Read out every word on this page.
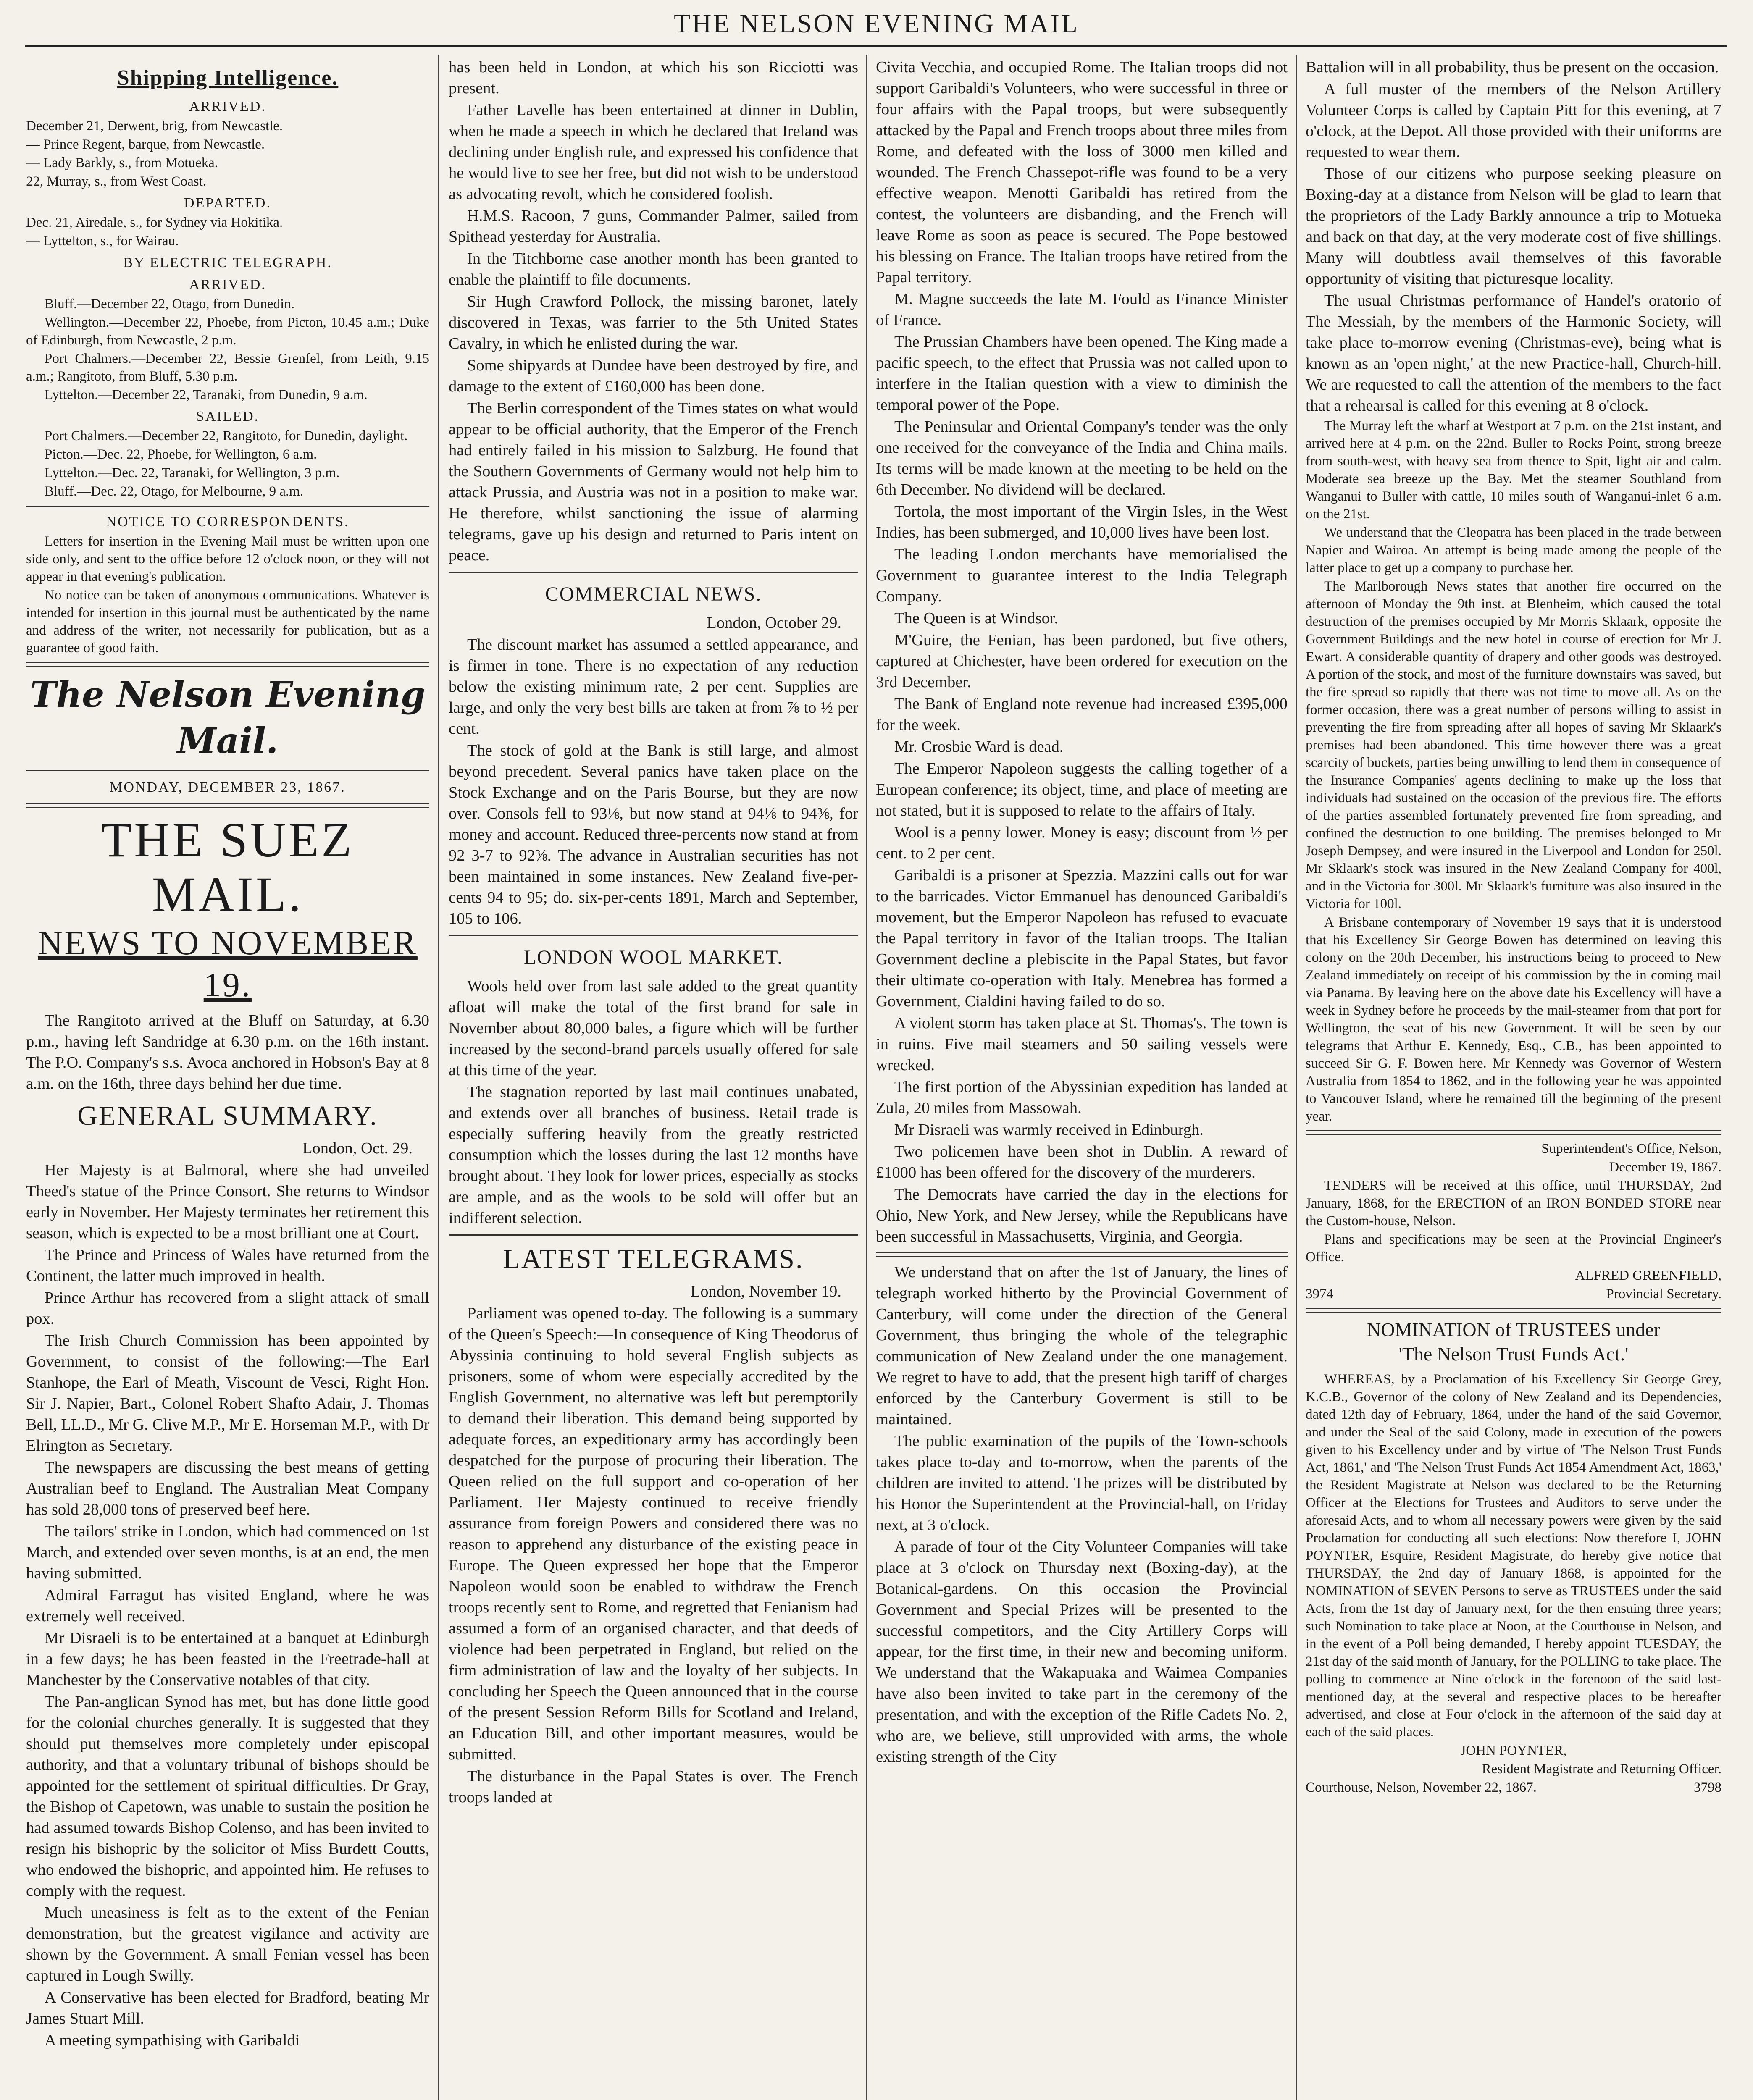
THE NELSON EVENING MAIL
Shipping Intelligence.
ARRIVED.

December 21, Derwent, brig, from Newcastle.

— Prince Regent, barque, from Newcastle.

— Lady Barkly, s., from Motueka.

22, Murray, s., from West Coast.

DEPARTED.

Dec. 21, Airedale, s., for Sydney via Hokitika.

— Lyttelton, s., for Wairau.

BY ELECTRIC TELEGRAPH.
ARRIVED.

Bluff.—December 22, Otago, from Dunedin.

Wellington.—December 22, Phoebe, from Picton, 10.45 a.m.; Duke of Edinburgh, from Newcastle, 2 p.m.

Port Chalmers.—December 22, Bessie Grenfel, from Leith, 9.15 a.m.; Rangitoto, from Bluff, 5.30 p.m.

Lyttelton.—December 22, Taranaki, from Dunedin, 9 a.m.

SAILED.

Port Chalmers.—December 22, Rangitoto, for Dunedin, daylight.

Picton.—Dec. 22, Phoebe, for Wellington, 6 a.m.

Lyttelton.—Dec. 22, Taranaki, for Wellington, 3 p.m.

Bluff.—Dec. 22, Otago, for Melbourne, 9 a.m.

NOTICE TO CORRESPONDENTS.

Letters for insertion in the Evening Mail must be written upon one side only, and sent to the office before 12 o'clock noon, or they will not appear in that evening's publication.

No notice can be taken of anonymous communications. Whatever is intended for insertion in this journal must be authenticated by the name and address of the writer, not necessarily for publication, but as a guarantee of good faith.

The Nelson Evening Mail.
MONDAY, DECEMBER 23, 1867.
THE SUEZ MAIL.
NEWS TO NOVEMBER 19.

The Rangitoto arrived at the Bluff on Saturday, at 6.30 p.m., having left Sandridge at 6.30 p.m. on the 16th instant. The P.O. Company's s.s. Avoca anchored in Hobson's Bay at 8 a.m. on the 16th, three days behind her due time.

GENERAL SUMMARY.

London, Oct. 29.

Her Majesty is at Balmoral, where she had unveiled Theed's statue of the Prince Consort. She returns to Windsor early in November. Her Majesty terminates her retirement this season, which is expected to be a most brilliant one at Court.

The Prince and Princess of Wales have returned from the Continent, the latter much improved in health.

Prince Arthur has recovered from a slight attack of small pox.

The Irish Church Commission has been appointed by Government, to consist of the following:—The Earl Stanhope, the Earl of Meath, Viscount de Vesci, Right Hon. Sir J. Napier, Bart., Colonel Robert Shafto Adair, J. Thomas Bell, LL.D., Mr G. Clive M.P., Mr E. Horseman M.P., with Dr Elrington as Secretary.

The newspapers are discussing the best means of getting Australian beef to England. The Australian Meat Company has sold 28,000 tons of preserved beef here.

The tailors' strike in London, which had commenced on 1st March, and extended over seven months, is at an end, the men having submitted.

Admiral Farragut has visited England, where he was extremely well received.

Mr Disraeli is to be entertained at a banquet at Edinburgh in a few days; he has been feasted in the Freetrade-hall at Manchester by the Conservative notables of that city.

The Pan-anglican Synod has met, but has done little good for the colonial churches generally. It is suggested that they should put themselves more completely under episcopal authority, and that a voluntary tribunal of bishops should be appointed for the settlement of spiritual difficulties. Dr Gray, the Bishop of Capetown, was unable to sustain the position he had assumed towards Bishop Colenso, and has been invited to resign his bishopric by the solicitor of Miss Burdett Coutts, who endowed the bishopric, and appointed him. He refuses to comply with the request.

Much uneasiness is felt as to the extent of the Fenian demonstration, but the greatest vigilance and activity are shown by the Government. A small Fenian vessel has been captured in Lough Swilly.

A Conservative has been elected for Bradford, beating Mr James Stuart Mill.

A meeting sympathising with Garibaldi

has been held in London, at which his son Ricciotti was present.

Father Lavelle has been entertained at dinner in Dublin, when he made a speech in which he declared that Ireland was declining under English rule, and expressed his confidence that he would live to see her free, but did not wish to be understood as advocating revolt, which he considered foolish.

H.M.S. Racoon, 7 guns, Commander Palmer, sailed from Spithead yesterday for Australia.

In the Titchborne case another month has been granted to enable the plaintiff to file documents.

Sir Hugh Crawford Pollock, the missing baronet, lately discovered in Texas, was farrier to the 5th United States Cavalry, in which he enlisted during the war.

Some shipyards at Dundee have been destroyed by fire, and damage to the extent of £160,000 has been done.

The Berlin correspondent of the Times states on what would appear to be official authority, that the Emperor of the French had entirely failed in his mission to Salzburg. He found that the Southern Governments of Germany would not help him to attack Prussia, and Austria was not in a position to make war. He therefore, whilst sanctioning the issue of alarming telegrams, gave up his design and returned to Paris intent on peace.

COMMERCIAL NEWS.

London, October 29.

The discount market has assumed a settled appearance, and is firmer in tone. There is no expectation of any reduction below the existing minimum rate, 2 per cent. Supplies are large, and only the very best bills are taken at from ⅞ to ½ per cent.

The stock of gold at the Bank is still large, and almost beyond precedent. Several panics have taken place on the Stock Exchange and on the Paris Bourse, but they are now over. Consols fell to 93⅛, but now stand at 94⅛ to 94⅜, for money and account. Reduced three-percents now stand at from 92 3-7 to 92⅜. The advance in Australian securities has not been maintained in some instances. New Zealand five-per-cents 94 to 95; do. six-per-cents 1891, March and September, 105 to 106.

LONDON WOOL MARKET.

Wools held over from last sale added to the great quantity afloat will make the total of the first brand for sale in November about 80,000 bales, a figure which will be further increased by the second-brand parcels usually offered for sale at this time of the year.

The stagnation reported by last mail continues unabated, and extends over all branches of business. Retail trade is especially suffering heavily from the greatly restricted consumption which the losses during the last 12 months have brought about. They look for lower prices, especially as stocks are ample, and as the wools to be sold will offer but an indifferent selection.

LATEST TELEGRAMS.

London, November 19.

Parliament was opened to-day. The following is a summary of the Queen's Speech:—In consequence of King Theodorus of Abyssinia continuing to hold several English subjects as prisoners, some of whom were especially accredited by the English Government, no alternative was left but peremptorily to demand their liberation. This demand being supported by adequate forces, an expeditionary army has accordingly been despatched for the purpose of procuring their liberation. The Queen relied on the full support and co-operation of her Parliament. Her Majesty continued to receive friendly assurance from foreign Powers and considered there was no reason to apprehend any disturbance of the existing peace in Europe. The Queen expressed her hope that the Emperor Napoleon would soon be enabled to withdraw the French troops recently sent to Rome, and regretted that Fenianism had assumed a form of an organised character, and that deeds of violence had been perpetrated in England, but relied on the firm administration of law and the loyalty of her subjects. In concluding her Speech the Queen announced that in the course of the present Session Reform Bills for Scotland and Ireland, an Education Bill, and other important measures, would be submitted.

The disturbance in the Papal States is over. The French troops landed at

Civita Vecchia, and occupied Rome. The Italian troops did not support Garibaldi's Volunteers, who were successful in three or four affairs with the Papal troops, but were subsequently attacked by the Papal and French troops about three miles from Rome, and defeated with the loss of 3000 men killed and wounded. The French Chassepot-rifle was found to be a very effective weapon. Menotti Garibaldi has retired from the contest, the volunteers are disbanding, and the French will leave Rome as soon as peace is secured. The Pope bestowed his blessing on France. The Italian troops have retired from the Papal territory.

M. Magne succeeds the late M. Fould as Finance Minister of France.

The Prussian Chambers have been opened. The King made a pacific speech, to the effect that Prussia was not called upon to interfere in the Italian question with a view to diminish the temporal power of the Pope.

The Peninsular and Oriental Company's tender was the only one received for the conveyance of the India and China mails. Its terms will be made known at the meeting to be held on the 6th December. No dividend will be declared.

Tortola, the most important of the Virgin Isles, in the West Indies, has been submerged, and 10,000 lives have been lost.

The leading London merchants have memorialised the Government to guarantee interest to the India Telegraph Company.

The Queen is at Windsor.

M'Guire, the Fenian, has been pardoned, but five others, captured at Chichester, have been ordered for execution on the 3rd December.

The Bank of England note revenue had increased £395,000 for the week.

Mr. Crosbie Ward is dead.

The Emperor Napoleon suggests the calling together of a European conference; its object, time, and place of meeting are not stated, but it is supposed to relate to the affairs of Italy.

Wool is a penny lower. Money is easy; discount from ½ per cent. to 2 per cent.

Garibaldi is a prisoner at Spezzia. Mazzini calls out for war to the barricades. Victor Emmanuel has denounced Garibaldi's movement, but the Emperor Napoleon has refused to evacuate the Papal territory in favor of the Italian troops. The Italian Government decline a plebiscite in the Papal States, but favor their ultimate co-operation with Italy. Menebrea has formed a Government, Cialdini having failed to do so.

A violent storm has taken place at St. Thomas's. The town is in ruins. Five mail steamers and 50 sailing vessels were wrecked.

The first portion of the Abyssinian expedition has landed at Zula, 20 miles from Massowah.

Mr Disraeli was warmly received in Edinburgh.

Two policemen have been shot in Dublin. A reward of £1000 has been offered for the discovery of the murderers.

The Democrats have carried the day in the elections for Ohio, New York, and New Jersey, while the Republicans have been successful in Massachusetts, Virginia, and Georgia.

We understand that on after the 1st of January, the lines of telegraph worked hitherto by the Provincial Government of Canterbury, will come under the direction of the General Government, thus bringing the whole of the telegraphic communication of New Zealand under the one management. We regret to have to add, that the present high tariff of charges enforced by the Canterbury Goverment is still to be maintained.

The public examination of the pupils of the Town-schools takes place to-day and to-morrow, when the parents of the children are invited to attend. The prizes will be distributed by his Honor the Superintendent at the Provincial-hall, on Friday next, at 3 o'clock.

A parade of four of the City Volunteer Companies will take place at 3 o'clock on Thursday next (Boxing-day), at the Botanical-gardens. On this occasion the Provincial Government and Special Prizes will be presented to the successful competitors, and the City Artillery Corps will appear, for the first time, in their new and becoming uniform. We understand that the Wakapuaka and Waimea Companies have also been invited to take part in the ceremony of the presentation, and with the exception of the Rifle Cadets No. 2, who are, we believe, still unprovided with arms, the whole existing strength of the City

Battalion will in all probability, thus be present on the occasion.

A full muster of the members of the Nelson Artillery Volunteer Corps is called by Captain Pitt for this evening, at 7 o'clock, at the Depot. All those provided with their uniforms are requested to wear them.

Those of our citizens who purpose seeking pleasure on Boxing-day at a distance from Nelson will be glad to learn that the proprietors of the Lady Barkly announce a trip to Motueka and back on that day, at the very moderate cost of five shillings. Many will doubtless avail themselves of this favorable opportunity of visiting that picturesque locality.

The usual Christmas performance of Handel's oratorio of The Messiah, by the members of the Harmonic Society, will take place to-morrow evening (Christmas-eve), being what is known as an 'open night,' at the new Practice-hall, Church-hill. We are requested to call the attention of the members to the fact that a rehearsal is called for this evening at 8 o'clock.

The Murray left the wharf at Westport at 7 p.m. on the 21st instant, and arrived here at 4 p.m. on the 22nd. Buller to Rocks Point, strong breeze from south-west, with heavy sea from thence to Spit, light air and calm. Moderate sea breeze up the Bay. Met the steamer Southland from Wanganui to Buller with cattle, 10 miles south of Wanganui-inlet 6 a.m. on the 21st.

We understand that the Cleopatra has been placed in the trade between Napier and Wairoa. An attempt is being made among the people of the latter place to get up a company to purchase her.

The Marlborough News states that another fire occurred on the afternoon of Monday the 9th inst. at Blenheim, which caused the total destruction of the premises occupied by Mr Morris Sklaark, opposite the Government Buildings and the new hotel in course of erection for Mr J. Ewart. A considerable quantity of drapery and other goods was destroyed. A portion of the stock, and most of the furniture downstairs was saved, but the fire spread so rapidly that there was not time to move all. As on the former occasion, there was a great number of persons willing to assist in preventing the fire from spreading after all hopes of saving Mr Sklaark's premises had been abandoned. This time however there was a great scarcity of buckets, parties being unwilling to lend them in consequence of the Insurance Companies' agents declining to make up the loss that individuals had sustained on the occasion of the previous fire. The efforts of the parties assembled fortunately prevented fire from spreading, and confined the destruction to one building. The premises belonged to Mr Joseph Dempsey, and were insured in the Liverpool and London for 250l. Mr Sklaark's stock was insured in the New Zealand Company for 400l, and in the Victoria for 300l. Mr Sklaark's furniture was also insured in the Victoria for 100l.

A Brisbane contemporary of November 19 says that it is understood that his Excellency Sir George Bowen has determined on leaving this colony on the 20th December, his instructions being to proceed to New Zealand immediately on receipt of his commission by the in coming mail via Panama. By leaving here on the above date his Excellency will have a week in Sydney before he proceeds by the mail-steamer from that port for Wellington, the seat of his new Government. It will be seen by our telegrams that Arthur E. Kennedy, Esq., C.B., has been appointed to succeed Sir G. F. Bowen here. Mr Kennedy was Governor of Western Australia from 1854 to 1862, and in the following year he was appointed to Vancouver Island, where he remained till the beginning of the present year.

Superintendent's Office, Nelson,

December 19, 1867.

TENDERS will be received at this office, until THURSDAY, 2nd January, 1868, for the ERECTION of an IRON BONDED STORE near the Custom-house, Nelson.

Plans and specifications may be seen at the Provincial Engineer's Office.

ALFRED GREENFIELD,

3974	Provincial Secretary.
NOMINATION of TRUSTEES under
'The Nelson Trust Funds Act.'

WHEREAS, by a Proclamation of his Excellency Sir George Grey, K.C.B., Governor of the colony of New Zealand and its Dependencies, dated 12th day of February, 1864, under the hand of the said Governor, and under the Seal of the said Colony, made in execution of the powers given to his Excellency under and by virtue of 'The Nelson Trust Funds Act, 1861,' and 'The Nelson Trust Funds Act 1854 Amendment Act, 1863,' the Resident Magistrate at Nelson was declared to be the Returning Officer at the Elections for Trustees and Auditors to serve under the aforesaid Acts, and to whom all necessary powers were given by the said Proclamation for conducting all such elections: Now therefore I, JOHN POYNTER, Esquire, Resident Magistrate, do hereby give notice that THURSDAY, the 2nd day of January 1868, is appointed for the NOMINATION of SEVEN Persons to serve as TRUSTEES under the said Acts, from the 1st day of January next, for the then ensuing three years; such Nomination to take place at Noon, at the Courthouse in Nelson, and in the event of a Poll being demanded, I hereby appoint TUESDAY, the 21st day of the said month of January, for the POLLING to take place. The polling to commence at Nine o'clock in the forenoon of the said last-mentioned day, at the several and respective places to be hereafter advertised, and close at Four o'clock in the afternoon of the said day at each of the said places.

JOHN POYNTER,

Resident Magistrate and Returning Officer.

Courthouse, Nelson, November 22, 1867.	3798
